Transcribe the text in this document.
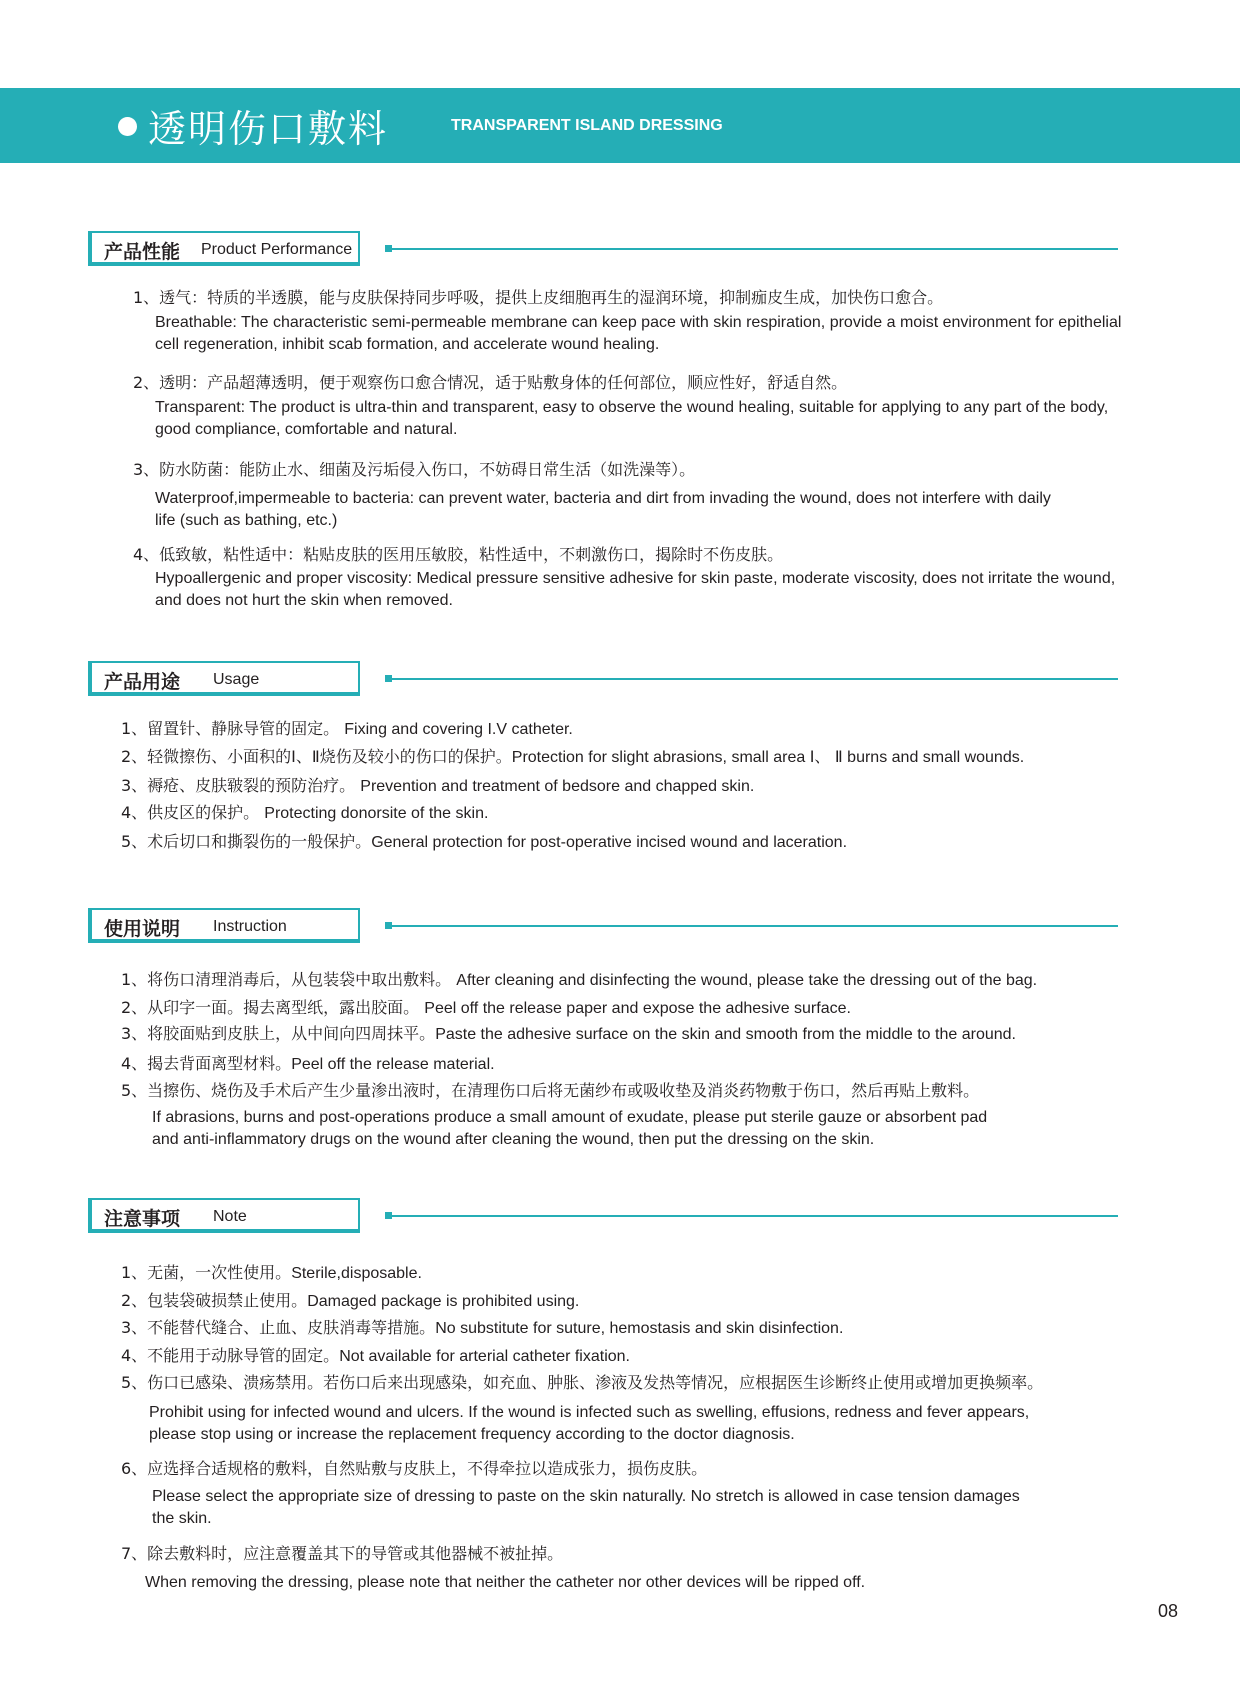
透明伤口敷料	TRANSPARENT ISLAND DRESSING
产品性能 Product Performance
1、透气：特质的半透膜，能与皮肤保持同步呼吸，提供上皮细胞再生的湿润环境，抑制痂皮生成，加快伤口愈合。
Breathable: The characteristic semi-permeable membrane can keep pace with skin respiration, provide a moist environment for epithelial
cell regeneration, inhibit scab formation, and accelerate wound healing.
2、透明：产品超薄透明，便于观察伤口愈合情况，适于贴敷身体的任何部位，顺应性好，舒适自然。
Transparent: The product is ultra-thin and transparent, easy to observe the wound healing, suitable for applying to any part of the body,
good compliance, comfortable and natural.
3、防水防菌：能防止水、细菌及污垢侵入伤口，不妨碍日常生活（如洗澡等）。
Waterproof,impermeable to bacteria: can prevent water, bacteria and dirt from invading the wound, does not interfere with daily
life (such as bathing, etc.)
4、低致敏，粘性适中：粘贴皮肤的医用压敏胶，粘性适中，不刺激伤口，揭除时不伤皮肤。
Hypoallergenic and proper viscosity: Medical pressure sensitive adhesive for skin paste, moderate viscosity, does not irritate the wound,
and does not hurt the skin when removed.
产品用途 Usage
1、留置针、静脉导管的固定。 Fixing and covering I.V catheter.
2、轻微擦伤、小面积的Ⅰ、Ⅱ烧伤及较小的伤口的保护。Protection for slight abrasions, small area Ⅰ、 Ⅱ burns and small wounds.
3、褥疮、皮肤皲裂的预防治疗。 Prevention and treatment of bedsore and chapped skin.
4、供皮区的保护。 Protecting donorsite of the skin.
5、术后切口和撕裂伤的一般保护。General protection for post-operative incised wound and laceration.
使用说明 Instruction
1、将伤口清理消毒后，从包装袋中取出敷料。 After cleaning and disinfecting the wound, please take the dressing out of the bag.
2、从印字一面。揭去离型纸，露出胶面。 Peel off the release paper and expose the adhesive surface.
3、将胶面贴到皮肤上，从中间向四周抹平。Paste the adhesive surface on the skin and smooth from the middle to the around.
4、揭去背面离型材料。Peel off the release material.
5、当擦伤、烧伤及手术后产生少量渗出液时，在清理伤口后将无菌纱布或吸收垫及消炎药物敷于伤口，然后再贴上敷料。
If abrasions, burns and post-operations produce a small amount of exudate, please put sterile gauze or absorbent pad
and anti-inflammatory drugs on the wound after cleaning the wound, then put the dressing on the skin.
注意事项 Note
1、无菌，一次性使用。Sterile,disposable.
2、包装袋破损禁止使用。Damaged package is prohibited using.
3、不能替代缝合、止血、皮肤消毒等措施。No substitute for suture, hemostasis and skin disinfection.
4、不能用于动脉导管的固定。Not available for arterial catheter fixation.
5、伤口已感染、溃疡禁用。若伤口后来出现感染，如充血、肿胀、渗液及发热等情况，应根据医生诊断终止使用或增加更换频率。
Prohibit using for infected wound and ulcers. If the wound is infected such as swelling, effusions, redness and fever appears,
please stop using or increase the replacement frequency according to the doctor diagnosis.
6、应选择合适规格的敷料，自然贴敷与皮肤上，不得牵拉以造成张力，损伤皮肤。
Please select the appropriate size of dressing to paste on the skin naturally. No stretch is allowed in case tension damages
the skin.
7、除去敷料时，应注意覆盖其下的导管或其他器械不被扯掉。
When removing the dressing, please note that neither the catheter nor other devices will be ripped off.
08
